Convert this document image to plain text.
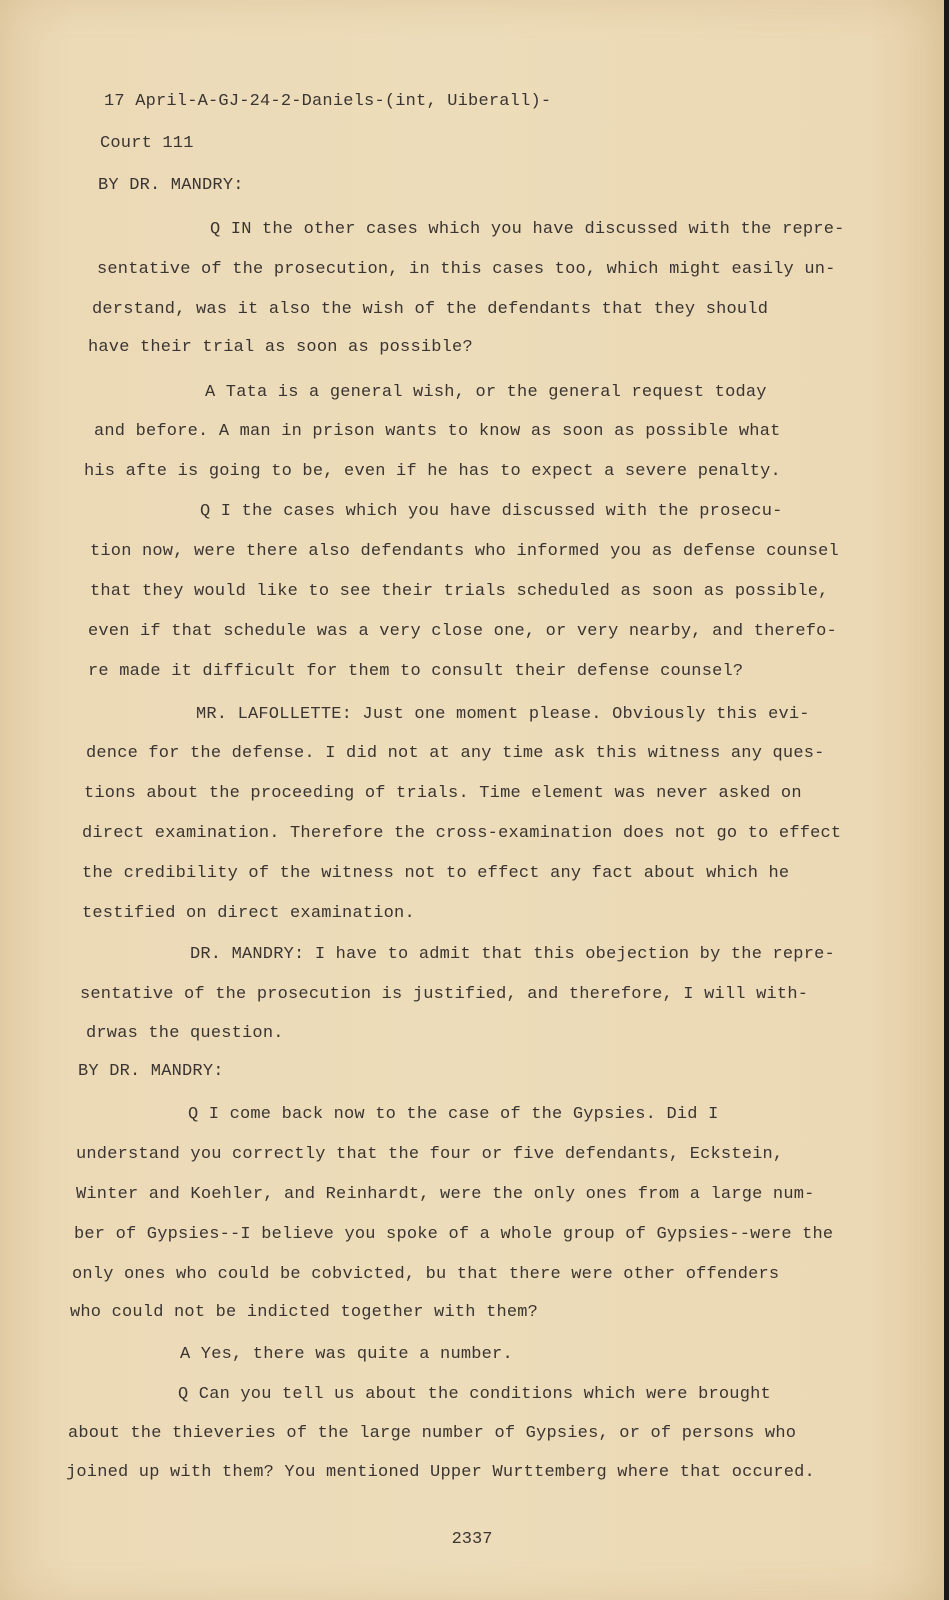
17 April-A-GJ-24-2-Daniels-(int, Uiberall)-
Court 111
BY DR. MANDRY:
Q IN the other cases which you have discussed with the repre-
sentative of the prosecution, in this cases too, which might easily un-
derstand, was it also the wish of the defendants that they should
have their trial as soon as possible?
A Tata is a general wish, or the general request today
and before. A man in prison wants to know as soon as possible what
his afte is going to be, even if he has to expect a severe penalty.
Q I the cases which you have discussed with the prosecu-
tion now, were there also defendants who informed you as defense counsel
that they would like to see their trials scheduled as soon as possible,
even if that schedule was a very close one, or very nearby, and therefo-
re made it difficult for them to consult their defense counsel?
MR. LAFOLLETTE: Just one moment please. Obviously this evi-
dence for the defense. I did not at any time ask this witness any ques-
tions about the proceeding of trials. Time element was never asked on
direct examination. Therefore the cross-examination does not go to effect
the credibility of the witness not to effect any fact about which he
testified on direct examination.
DR. MANDRY: I have to admit that this obejection by the repre-
sentative of the prosecution is justified, and therefore, I will with-
drwas the question.
BY DR. MANDRY:
Q I come back now to the case of the Gypsies. Did I
understand you correctly that the four or five defendants, Eckstein,
Winter and Koehler, and Reinhardt, were the only ones from a large num-
ber of Gypsies--I believe you spoke of a whole group of Gypsies--were the
only ones who could be cobvicted, bu that there were other offenders
who could not be indicted together with them?
A Yes, there was quite a number.
Q Can you tell us about the conditions which were brought
about the thieveries of the large number of Gypsies, or of persons who
joined up with them? You mentioned Upper Wurttemberg where that occured.
2337
